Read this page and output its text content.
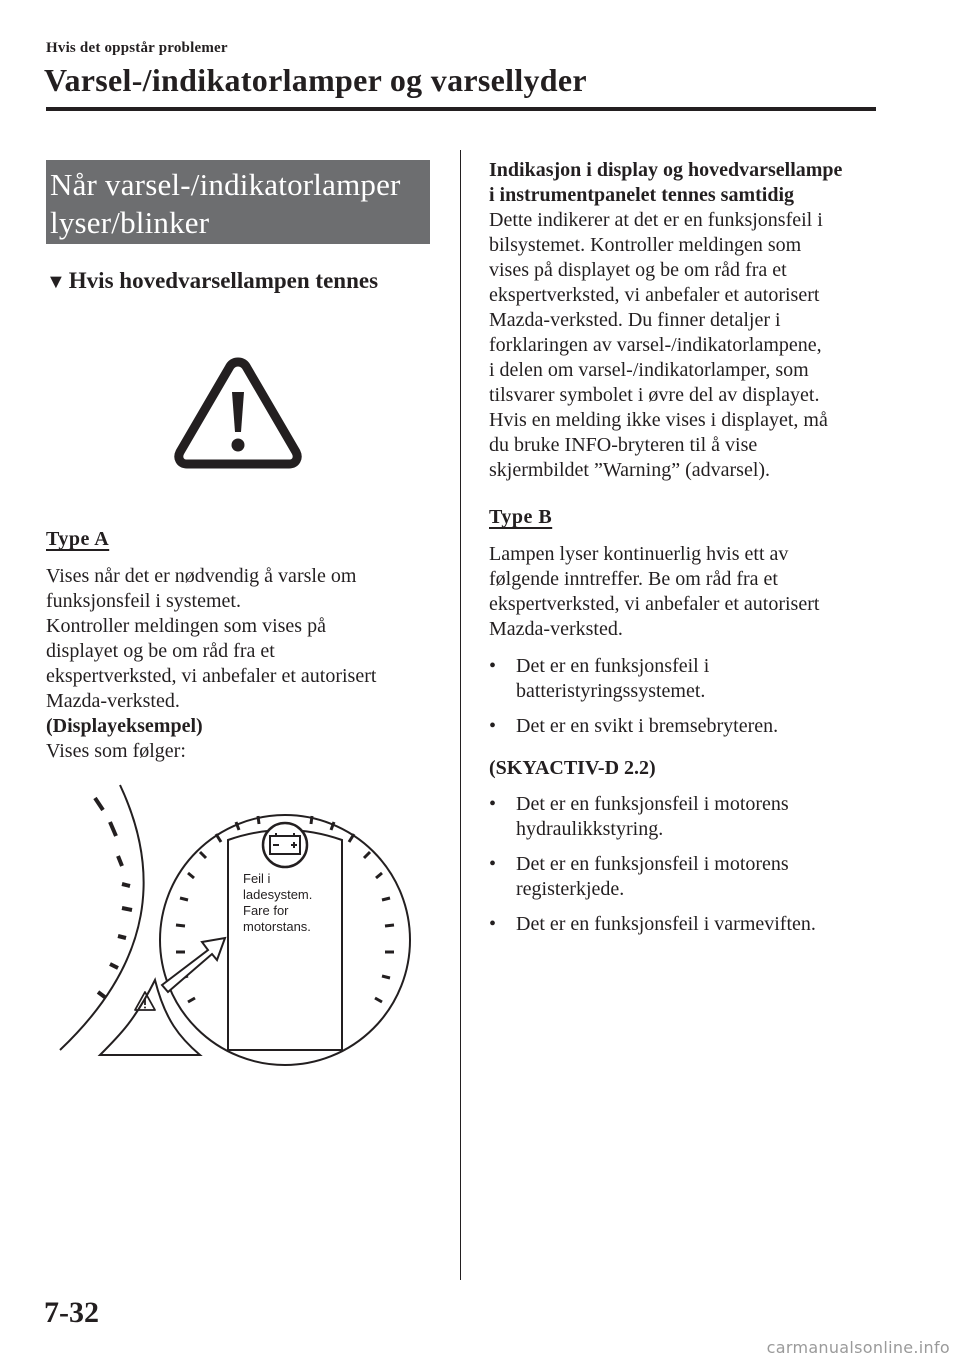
Hvis det oppstår problemer
Varsel-/indikatorlamper og varsellyder
Når varsel-/indikatorlamper
lyser/blinker
▼ Hvis hovedvarsellampen tennes
Type A
Vises når det er nødvendig å varsle om
funksjonsfeil i systemet.
Kontroller meldingen som vises på
displayet og be om råd fra et
ekspertverksted, vi anbefaler et autorisert
Mazda-verksted.
(Displayeksempel)
Vises som følger:
Feil i
ladesystem.
Fare for
motorstans.
Indikasjon i display og hovedvarsellampe
i instrumentpanelet tennes samtidig
Dette indikerer at det er en funksjonsfeil i
bilsystemet. Kontroller meldingen som
vises på displayet og be om råd fra et
ekspertverksted, vi anbefaler et autorisert
Mazda-verksted. Du finner detaljer i
forklaringen av varsel-/indikatorlampene,
i delen om varsel-/indikatorlamper, som
tilsvarer symbolet i øvre del av displayet.
Hvis en melding ikke vises i displayet, må
du bruke INFO-bryteren til å vise
skjermbildet ”Warning” (advarsel).
Type B
Lampen lyser kontinuerlig hvis ett av
følgende inntreffer. Be om råd fra et
ekspertverksted, vi anbefaler et autorisert
Mazda-verksted.
• Det er en funksjonsfeil i
batteristyringssystemet.
• Det er en svikt i bremsebryteren.
(SKYACTIV-D 2.2)
• Det er en funksjonsfeil i motorens
hydraulikkstyring.
• Det er en funksjonsfeil i motorens
registerkjede.
• Det er en funksjonsfeil i varmeviften.
7-32
carmanualsonline.info
